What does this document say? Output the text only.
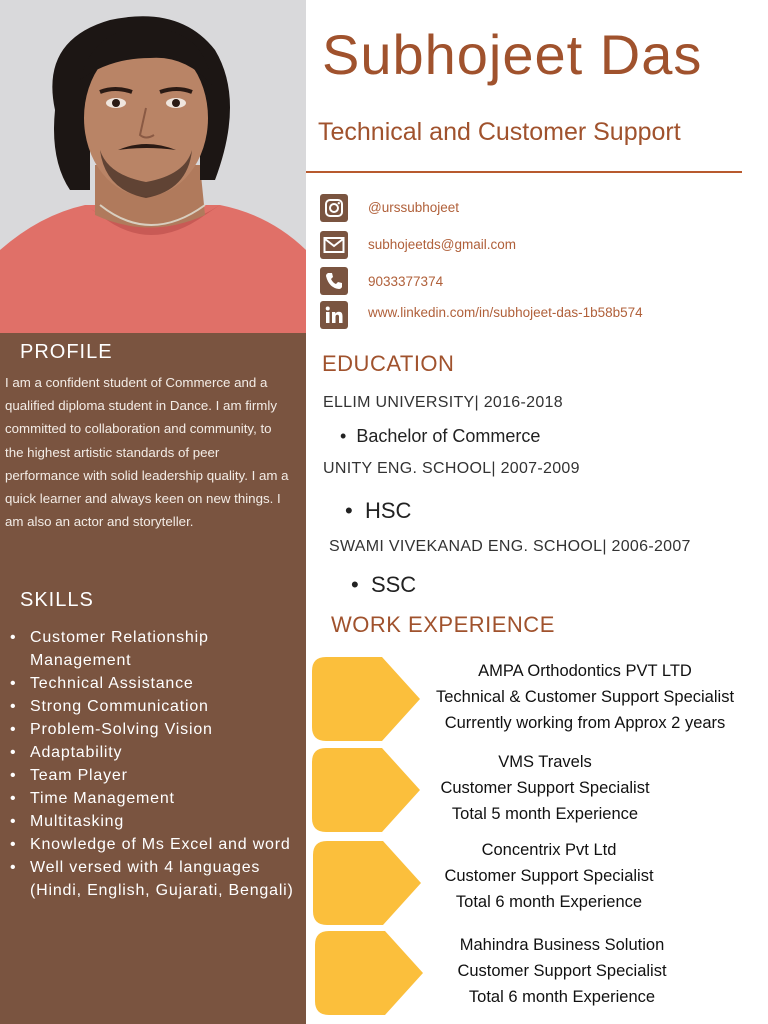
PROFILE
I am a confident student of Commerce and a qualified diploma student in Dance. I am firmly committed to collaboration and community, to the highest artistic standards of peer performance with solid leadership quality. I am a quick learner and always keen on new things. I am also an actor and storyteller.
SKILLS
• Customer Relationship Management
• Technical Assistance
• Strong Communication
• Problem-Solving Vision
• Adaptability
• Team Player
• Time Management
• Multitasking
• Knowledge of Ms Excel and word
• Well versed with 4 languages (Hindi, English, Gujarati, Bengali)
Subhojeet Das
Technical and Customer Support
@urssubhojeet
subhojeetds@gmail.com
9033377374
www.linkedin.com/in/subhojeet-das-1b58b574
EDUCATION
ELLIM UNIVERSITY| 2016-2018
•  Bachelor of Commerce
UNITY ENG. SCHOOL| 2007-2009
•  HSC
SWAMI VIVEKANAD ENG. SCHOOL| 2006-2007
•  SSC
WORK EXPERIENCE
AMPA Orthodontics PVT LTD
Technical & Customer Support Specialist
Currently working from Approx 2 years
VMS Travels
Customer Support Specialist
Total 5 month Experience
Concentrix Pvt Ltd
Customer Support Specialist
Total 6 month Experience
Mahindra Business Solution
Customer Support Specialist
Total 6 month Experience
